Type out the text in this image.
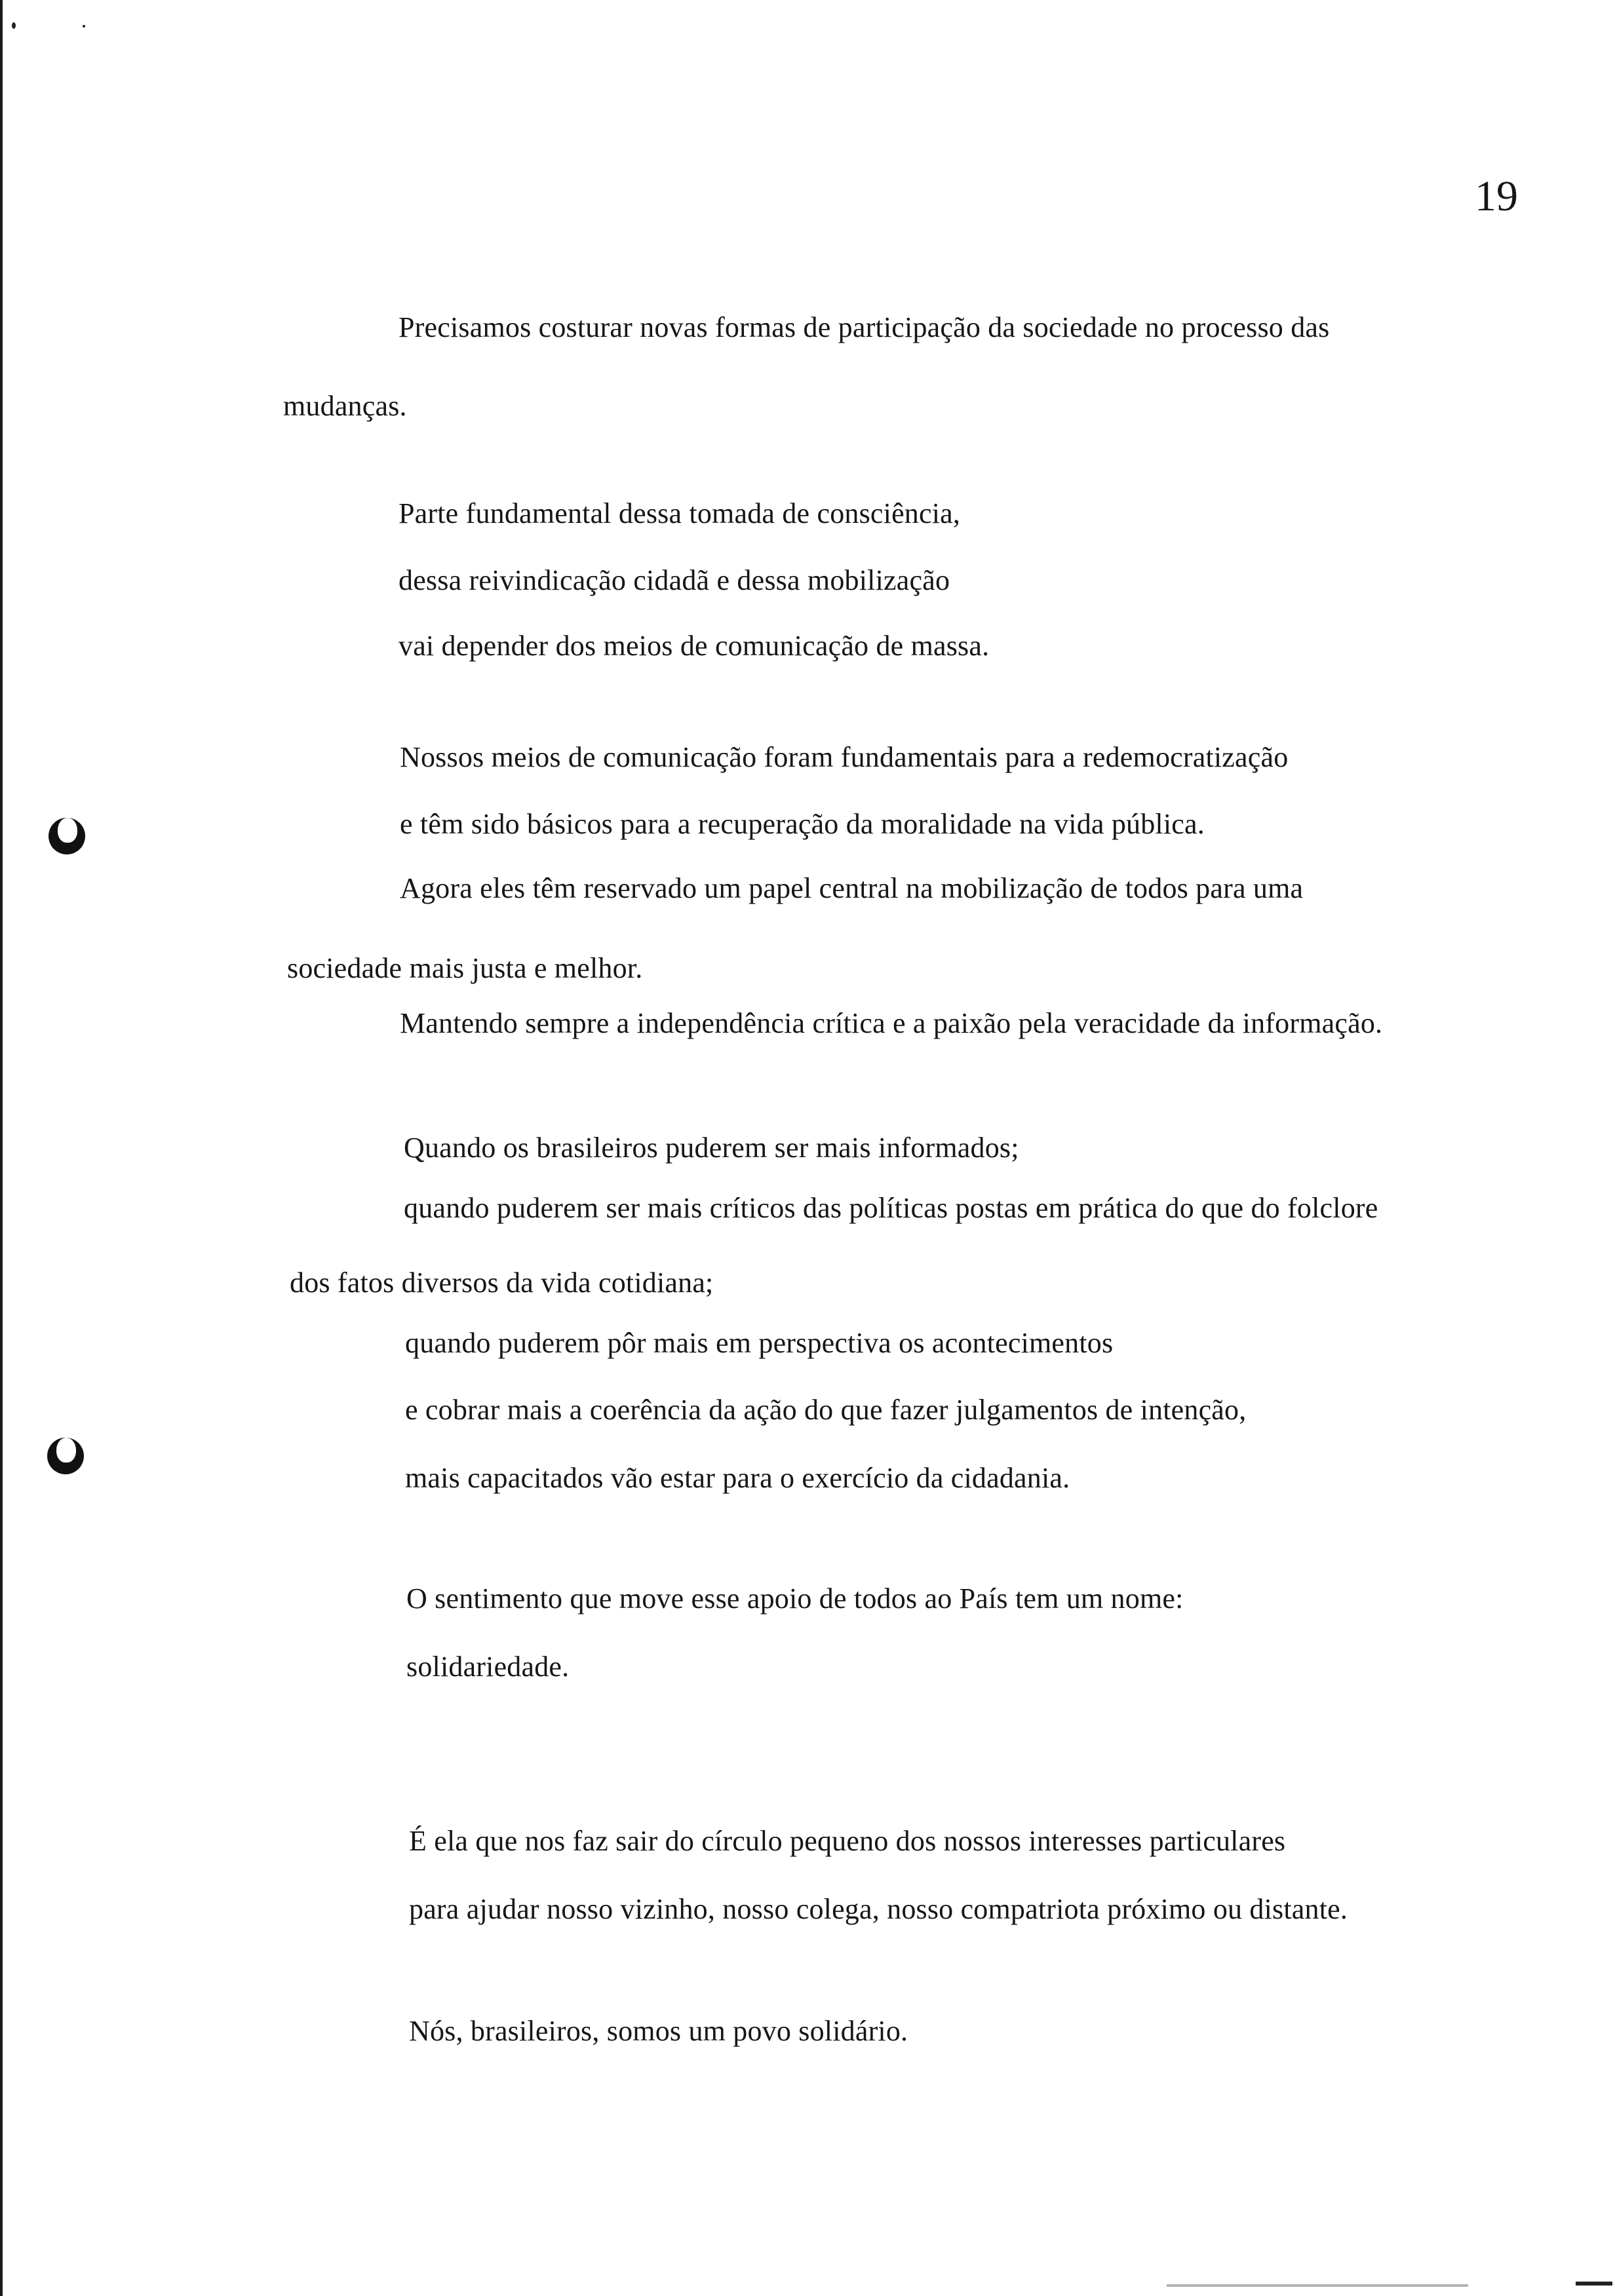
19
Precisamos costurar novas formas de participação da sociedade no processo das
mudanças.
Parte fundamental dessa tomada de consciência,
dessa reivindicação cidadã e dessa mobilização
vai depender dos meios de comunicação de massa.
Nossos meios de comunicação foram fundamentais para a redemocratização
e têm sido básicos para a recuperação da moralidade na vida pública.
Agora eles têm reservado um papel central na mobilização de todos para uma
sociedade mais justa e melhor.
Mantendo sempre a independência crítica e a paixão pela veracidade da informação.
Quando os brasileiros puderem ser mais informados;
quando puderem ser mais críticos das políticas postas em prática do que do folclore
dos fatos diversos da vida cotidiana;
quando puderem pôr mais em perspectiva os acontecimentos
e cobrar mais a coerência da ação do que fazer julgamentos de intenção,
mais capacitados vão estar para o exercício da cidadania.
O sentimento que move esse apoio de todos ao País tem um nome:
solidariedade.
É ela que nos faz sair do círculo pequeno dos nossos interesses particulares
para ajudar nosso vizinho, nosso colega, nosso compatriota próximo ou distante.
Nós, brasileiros, somos um povo solidário.
